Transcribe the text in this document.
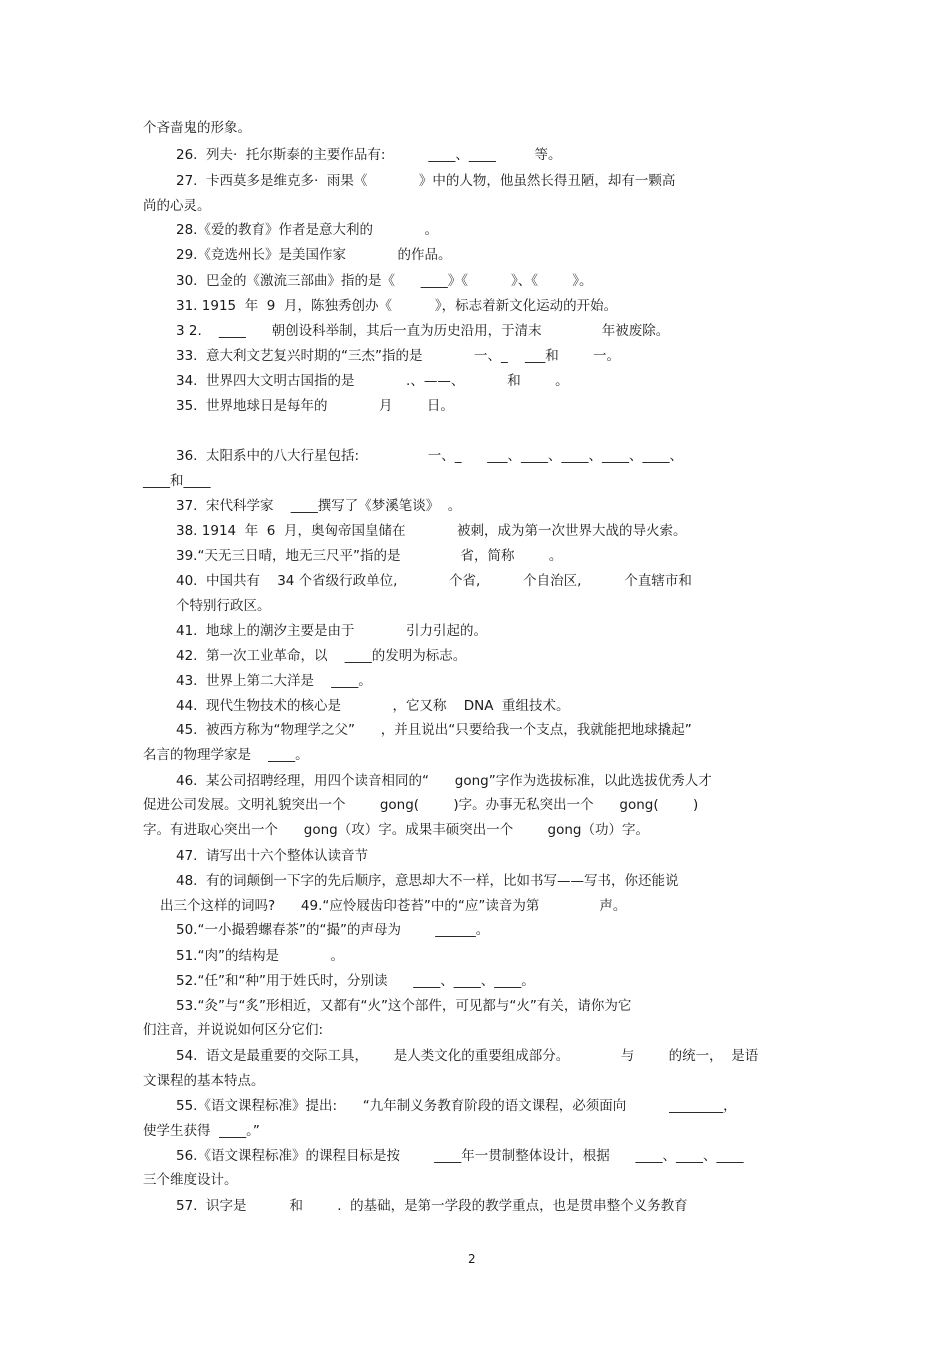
个吝啬鬼的形象。
26.  列夫·  托尔斯泰的主要作品有:          ____、____         等。
27.  卡西莫多是维克多·  雨果《            》中的人物，他虽然长得丑陋，却有一颗高
尚的心灵。
28.《爱的教育》作者是意大利的            。
29.《竞选州长》是美国作家            的作品。
30.  巴金的《激流三部曲》指的是《      ____》《          》、《        》。
31. 1915  年  9  月，陈独秀创办《          》，标志着新文化运动的开始。
3 2.    ____      朝创设科举制，其后一直为历史沿用，于清末              年被废除。
33.  意大利文艺复兴时期的“三杰”指的是            一、_    ___和        一。
34.  世界四大文明古国指的是            .、——、          和        。
35.  世界地球日是每年的            月        日。
36.  太阳系中的八大行星包括:                一、_      ___、____、____、____、____、
____和____
37.  宋代科学家    ____撰写了《梦溪笔谈》  。
38. 1914  年  6  月，奥匈帝国皇储在            被刺，成为第一次世界大战的导火索。
39.“天无三日晴，地无三尺平”指的是              省，简称        。
40.  中国共有    34 个省级行政单位,            个省,          个自治区,          个直辖市和
个特别行政区。
41.  地球上的潮汐主要是由于            引力引起的。
42.  第一次工业革命，以    ____的发明为标志。
43.  世界上第二大洋是    ____。
44.  现代生物技术的核心是            ，它又称    DNA  重组技术。
45.  被西方称为“物理学之父”      ，并且说出“只要给我一个支点，我就能把地球撬起”
名言的物理学家是    ____。
46.  某公司招聘经理，用四个读音相同的“      gong”字作为选拔标准，以此选拔优秀人才
促进公司发展。文明礼貌突出一个        gong(        )字。办事无私突出一个      gong(        )
字。有进取心突出一个      gong（攻）字。成果丰硕突出一个        gong（功）字。
47.  请写出十六个整体认读音节
48.  有的词颠倒一下字的先后顺序，意思却大不一样，比如书写——写书，你还能说
出三个这样的词吗?      49.“应怜屐齿印苍苔”中的“应”读音为第              声。
50.“一小撮碧螺春茶”的“撮”的声母为        ______。
51.“肉”的结构是            。
52.“任”和“种”用于姓氏时，分别读      ____、____、____。
53.“灸”与“炙”形相近，又都有“火”这个部件，可见都与“火”有关，请你为它
们注音，并说说如何区分它们:
54.  语文是最重要的交际工具，      是人类文化的重要组成部分。            与        的统一，  是语
文课程的基本特点。
55.《语文课程标准》提出:      “九年制义务教育阶段的语文课程，必须面向          ________，
使学生获得  ____。”
56.《语文课程标准》的课程目标是按        ____年一贯制整体设计，根据      ____、____、____
三个维度设计。
57.  识字是          和        .  的基础，是第一学段的教学重点，也是贯串整个义务教育
2
